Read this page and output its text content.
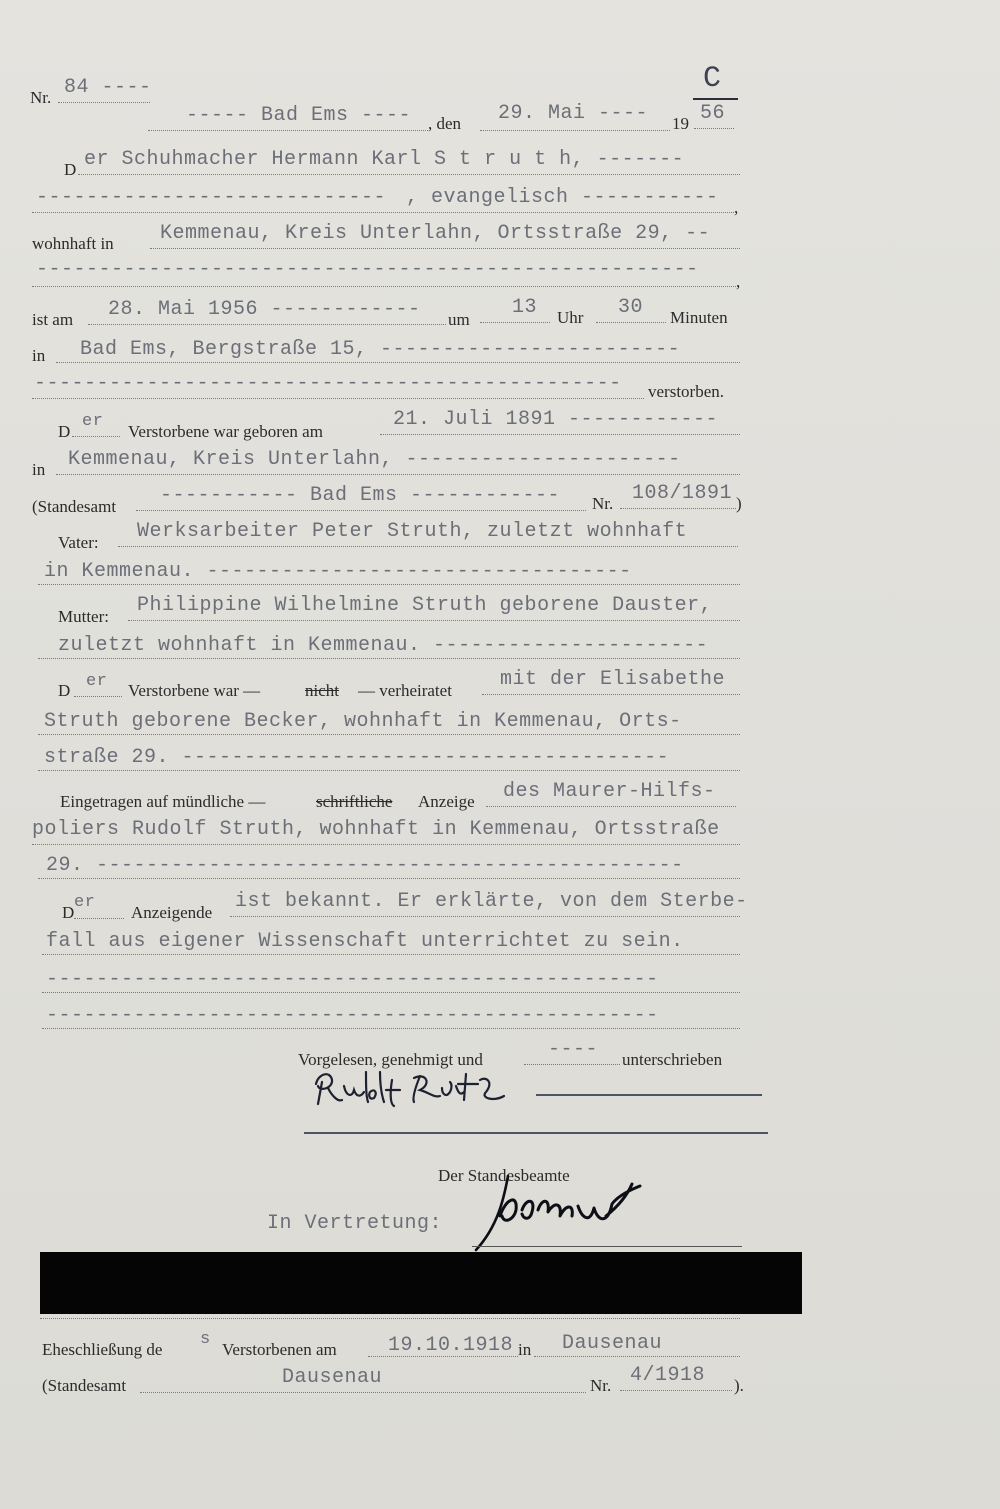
Nr. 84 ----	C
----- Bad Ems ---- , den 29. Mai ---- 19 56
D er Schuhmacher Hermann Karl S t r u t h, -------
---------------------------- , evangelisch ----------- ,
wohnhaft in Kemmenau, Kreis Unterlahn, Ortsstraße 29, --
-----------------------------------------------------
,
ist am 28. Mai 1956 ------------ um
13 Uhr 30 Minuten
in Bad Ems, Bergstraße 15, ------------------------
----------------------------------------------- verstorben.
D
er
Verstorbene war geboren am
21. Juli 1891 ------------
in Kemmenau, Kreis Unterlahn, ----------------------
(Standesamt ----------- Bad Ems ------------ Nr. 108/1891 )
Vater: Werksarbeiter Peter Struth, zuletzt wohnhaft
in Kemmenau. ----------------------------------
Mutter: Philippine Wilhelmine Struth geborene Dauster,
zuletzt wohnhaft in Kemmenau. ----------------------
D er Verstorbene war —	nicht — verheiratet mit der Elisabethe
Struth geborene Becker, wohnhaft in Kemmenau, Orts-
straße 29. ---------------------------------------
Eingetragen auf mündliche —	schriftliche Anzeige des Maurer-Hilfs-
poliers Rudolf Struth, wohnhaft in Kemmenau, Ortsstraße
29. -----------------------------------------------
D
er
Anzeigende ist bekannt. Er erklärte, von dem Sterbe-
fall aus eigener Wissenschaft unterrichtet zu sein.
-------------------------------------------------
-------------------------------------------------
Vorgelesen, genehmigt und	---- unterschrieben
Der Standesbeamte
In Vertretung:
Eheschließung de
s
Verstorbenen am	19.10.1918 in Dausenau
(Standesamt	Dausenau	Nr. 4/1918 ).
